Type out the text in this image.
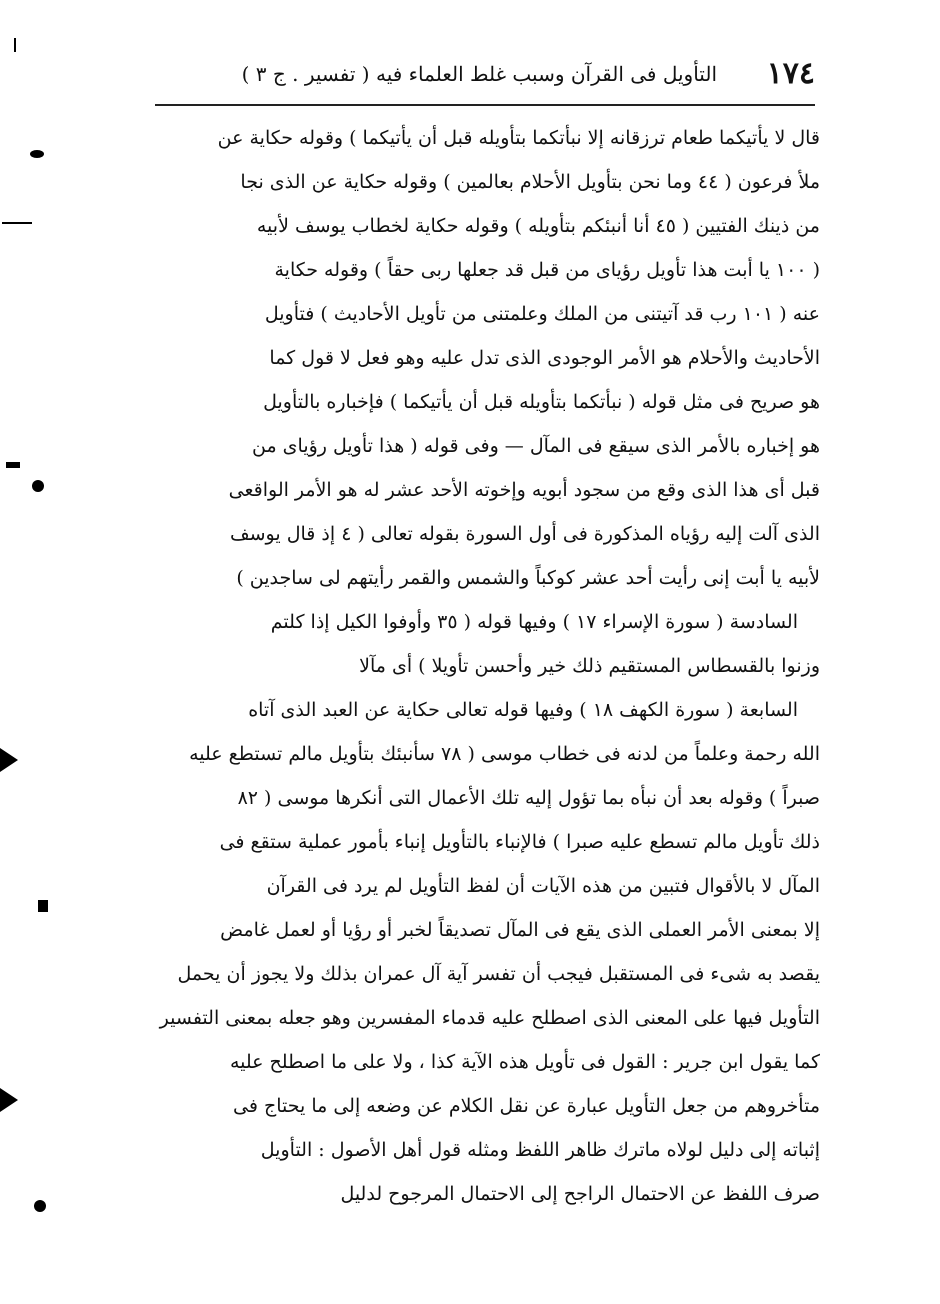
١٧٤
التأويل فى القرآن وسبب غلط العلماء فيه ( تفسير . ج ٣ )
قال لا يأتيكما طعام ترزقانه إلا نبأتكما بتأويله قبل أن يأتيكما ) وقوله حكاية عن
ملأ فرعون ( ٤٤ وما نحن بتأويل الأحلام بعالمين ) وقوله حكاية عن الذى نجا
من ذينك الفتيين ( ٤٥ أنا أنبئكم بتأويله ) وقوله حكاية لخطاب يوسف لأبيه
( ١٠٠ يا أبت هذا تأويل رؤياى من قبل قد جعلها ربى حقاً ) وقوله حكاية
عنه ( ١٠١ رب قد آتيتنى من الملك وعلمتنى من تأويل الأحاديث ) فتأويل
الأحاديث والأحلام هو الأمر الوجودى الذى تدل عليه وهو فعل لا قول كما
هو صريح فى مثل قوله ( نبأتكما بتأويله قبل أن يأتيكما ) فإخباره بالتأويل
هو إخباره بالأمر الذى سيقع فى المآل — وفى قوله ( هذا تأويل رؤياى من
قبل أى هذا الذى وقع من سجود أبويه وإخوته الأحد عشر له هو الأمر الواقعى
الذى آلت إليه رؤياه المذكورة فى أول السورة بقوله تعالى ( ٤ إذ قال يوسف
لأبيه يا أبت إنى رأيت أحد عشر كوكباً والشمس والقمر رأيتهم لى ساجدين )
السادسة ( سورة الإسراء ١٧ ) وفيها قوله ( ٣٥ وأوفوا الكيل إذا كلتم
وزنوا بالقسطاس المستقيم ذلك خير وأحسن تأويلا ) أى مآلا
السابعة ( سورة الكهف ١٨ ) وفيها قوله تعالى حكاية عن العبد الذى آتاه
الله رحمة وعلماً من لدنه فى خطاب موسى ( ٧٨ سأنبئك بتأويل مالم تستطع عليه
صبراً ) وقوله بعد أن نبأه بما تؤول إليه تلك الأعمال التى أنكرها موسى ( ٨٢
ذلك تأويل مالم تسطع عليه صبرا ) فالإنباء بالتأويل إنباء بأمور عملية ستقع فى
المآل لا بالأقوال فتبين من هذه الآيات أن لفظ التأويل لم يرد فى القرآن
إلا بمعنى الأمر العملى الذى يقع فى المآل تصديقاً لخبر أو رؤيا أو لعمل غامض
يقصد به شىء فى المستقبل فيجب أن تفسر آية آل عمران بذلك ولا يجوز أن يحمل
التأويل فيها على المعنى الذى اصطلح عليه قدماء المفسرين وهو جعله بمعنى التفسير
كما يقول ابن جرير : القول فى تأويل هذه الآية كذا ، ولا على ما اصطلح عليه
متأخروهم من جعل التأويل عبارة عن نقل الكلام عن وضعه إلى ما يحتاج فى
إثباته إلى دليل لولاه ماترك ظاهر اللفظ ومثله قول أهل الأصول : التأويل
صرف اللفظ عن الاحتمال الراجح إلى الاحتمال المرجوح لدليل
